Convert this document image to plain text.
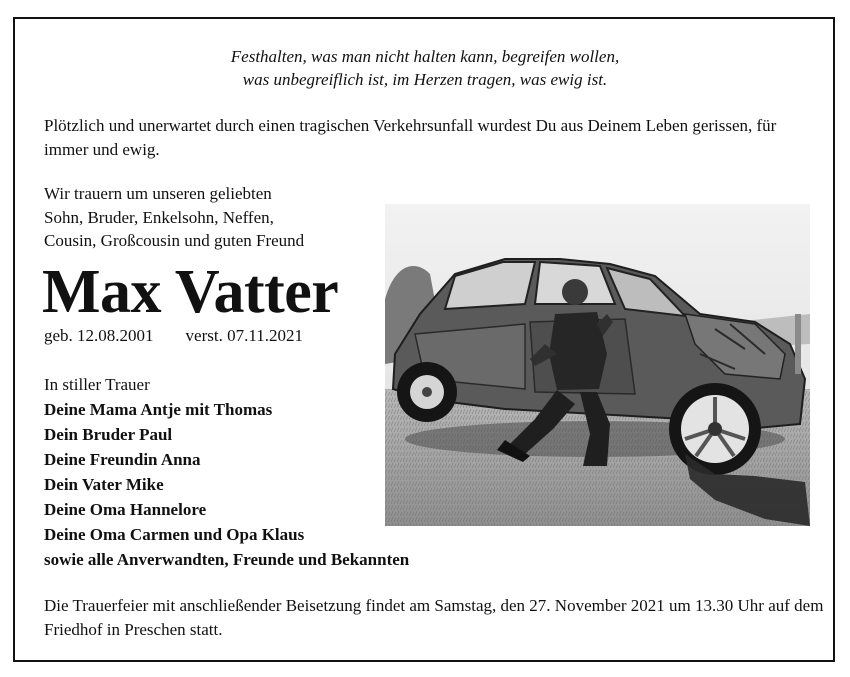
Festhalten, was man nicht halten kann, begreifen wollen,
was unbegreiflich ist, im Herzen tragen, was ewig ist.
Plötzlich und unerwartet durch einen tragischen Verkehrsunfall wurdest Du aus Deinem Leben gerissen, für immer und ewig.
Wir trauern um unseren geliebten
Sohn, Bruder, Enkelsohn, Neffen,
Cousin, Großcousin und guten Freund
Max Vatter
geb. 12.08.2001 verst. 07.11.2021
In stiller Trauer
Deine Mama Antje mit Thomas
Dein Bruder Paul
Deine Freundin Anna
Dein Vater Mike
Deine Oma Hannelore
Deine Oma Carmen und Opa Klaus
sowie alle Anverwandten, Freunde und Bekannten
Die Trauerfeier mit anschließender Beisetzung findet am Samstag, den 27. November 2021 um 13.30 Uhr auf dem Friedhof in Preschen statt.
